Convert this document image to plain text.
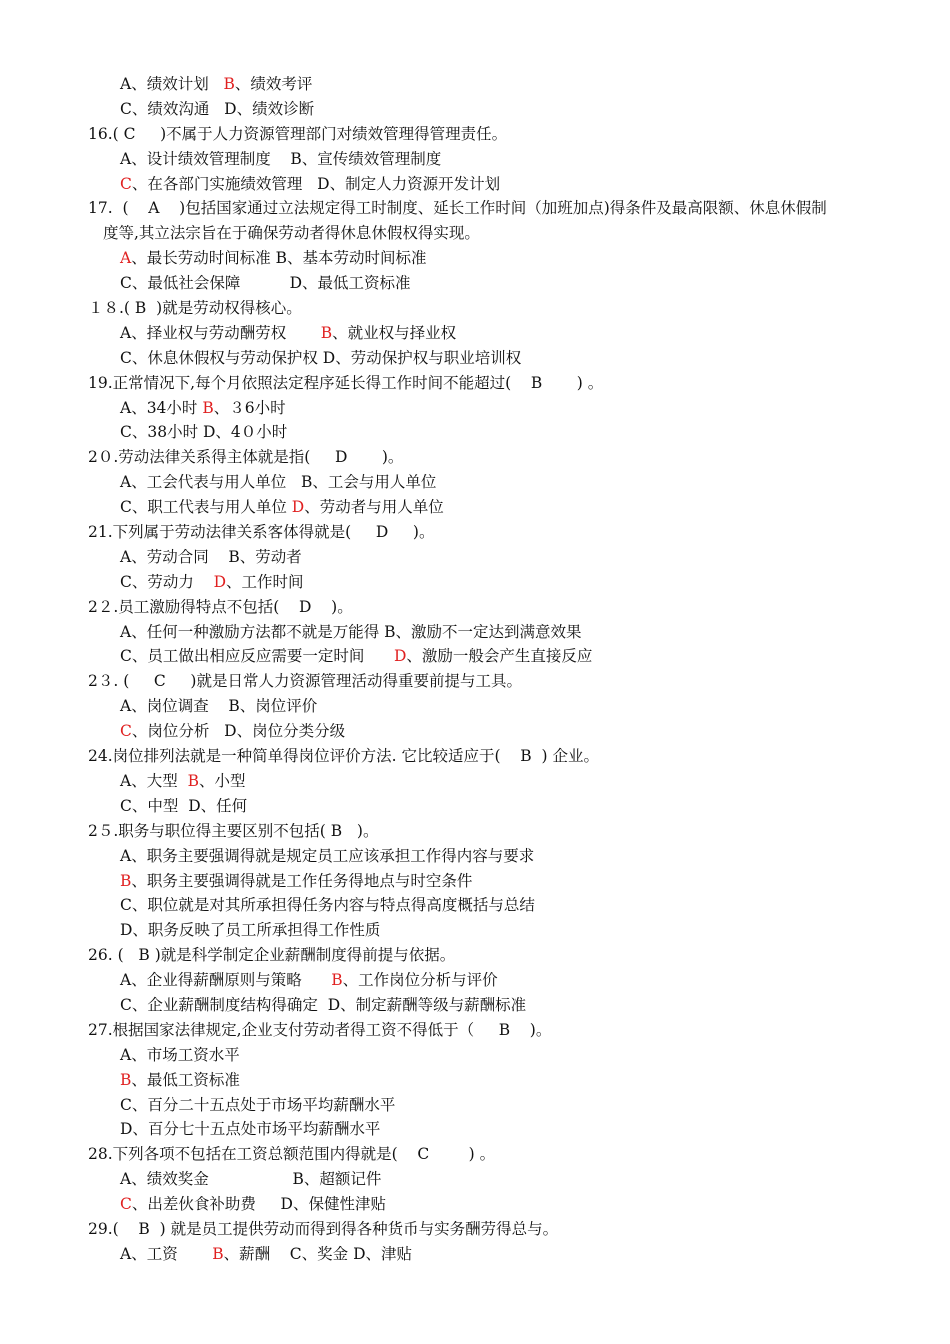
A、绩效计划   B、绩效考评
C、绩效沟通   D、绩效诊断
16.( C     )不属于人力资源管理部门对绩效管理得管理责任。
A、设计绩效管理制度    B、宣传绩效管理制度
C、在各部门实施绩效管理   D、制定人力资源开发计划
17.  (    A    )包括国家通过立法规定得工时制度、延长工作时间（加班加点)得条件及最高限额、休息休假制
度等,其立法宗旨在于确保劳动者得休息休假权得实现。
A、最长劳动时间标准 B、基本劳动时间标准
C、最低社会保障          D、最低工资标准
１８.( B  )就是劳动权得核心。
A、择业权与劳动酬劳权       B、就业权与择业权
C、休息休假权与劳动保护权 D、劳动保护权与职业培训权
19.正常情况下,每个月依照法定程序延长得工作时间不能超过(    B       ) 。
A、34小时 B、３6小时
C、38小时 D、4０小时
2０.劳动法律关系得主体就是指(     D       )。
A、工会代表与用人单位   B、工会与用人单位
C、职工代表与用人单位 D、劳动者与用人单位
21.下列属于劳动法律关系客体得就是(     D     )。
A、劳动合同    B、劳动者
C、劳动力    D、工作时间
2２.员工激励得特点不包括(    D    )。
A、任何一种激励方法都不就是万能得 B、激励不一定达到满意效果
C、员工做出相应反应需要一定时间      D、激励一般会产生直接反应
2３. (     C     )就是日常人力资源管理活动得重要前提与工具。
A、岗位调查    B、岗位评价
C、岗位分析   D、岗位分类分级
24.岗位排列法就是一种简单得岗位评价方法. 它比较适应于(    B  ) 企业。
A、大型  B、小型
C、中型  D、任何
2５.职务与职位得主要区别不包括( B   )。
A、职务主要强调得就是规定员工应该承担工作得内容与要求
B、职务主要强调得就是工作任务得地点与时空条件
C、职位就是对其所承担得任务内容与特点得高度概括与总结
D、职务反映了员工所承担得工作性质
26. (   B )就是科学制定企业薪酬制度得前提与依据。
A、企业得薪酬原则与策略      B、工作岗位分析与评价
C、企业薪酬制度结构得确定  D、制定薪酬等级与薪酬标准
27.根据国家法律规定,企业支付劳动者得工资不得低于（     B    )。
A、市场工资水平
B、最低工资标准
C、百分二十五点处于市场平均薪酬水平
D、百分七十五点处市场平均薪酬水平
28.下列各项不包括在工资总额范围内得就是(    C        ) 。
A、绩效奖金                 B、超额记件
C、出差伙食补助费     D、保健性津贴
29.(    B  ) 就是员工提供劳动而得到得各种货币与实务酬劳得总与。
A、工资       B、薪酬    C、奖金 D、津贴
